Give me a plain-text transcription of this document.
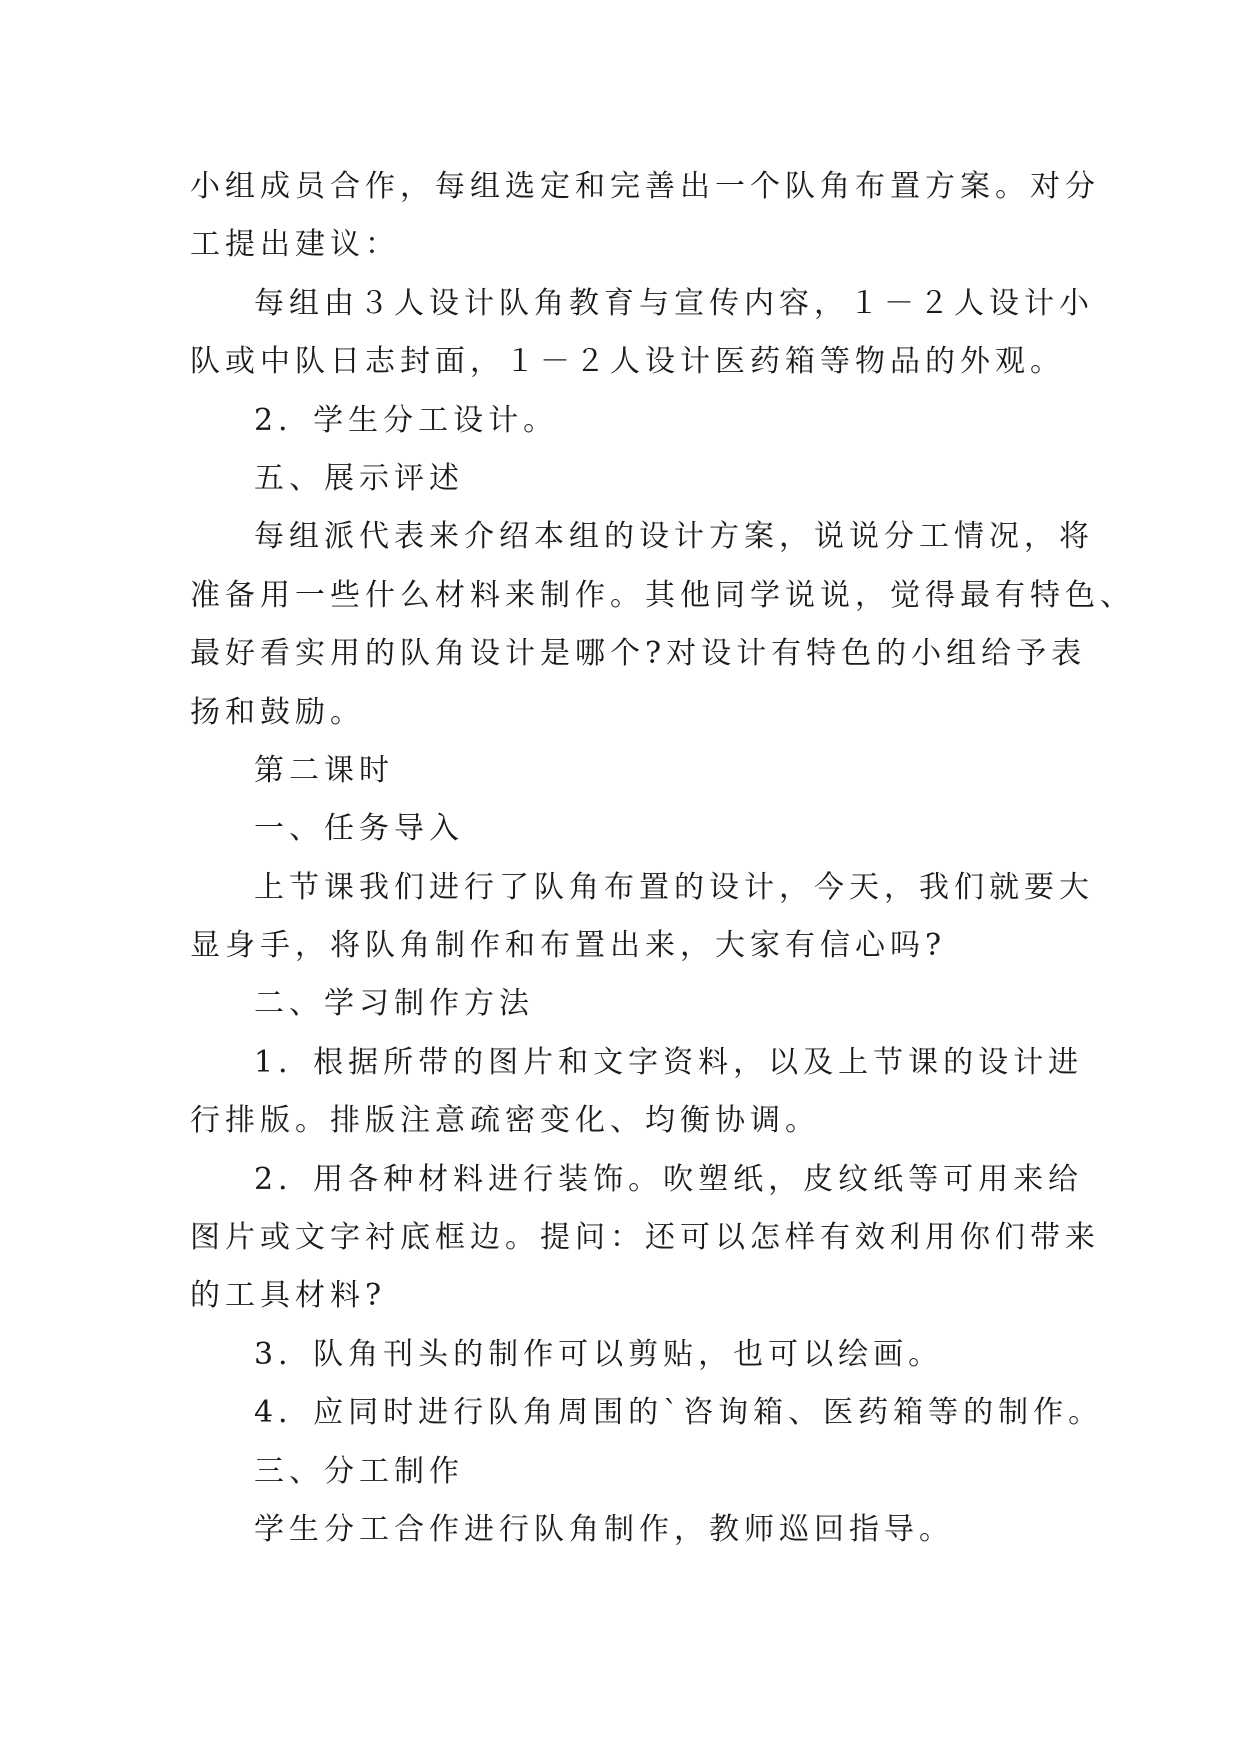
小组成员合作，每组选定和完善出一个队角布置方案。对分
工提出建议：
每组由３人设计队角教育与宣传内容，１－２人设计小
队或中队日志封面，１－２人设计医药箱等物品的外观。
2．学生分工设计。
五、展示评述
每组派代表来介绍本组的设计方案，说说分工情况，将
准备用一些什么材料来制作。其他同学说说，觉得最有特色、
最好看实用的队角设计是哪个?对设计有特色的小组给予表
扬和鼓励。
第二课时
一、任务导入
上节课我们进行了队角布置的设计，今天，我们就要大
显身手，将队角制作和布置出来，大家有信心吗?
二、学习制作方法
1．根据所带的图片和文字资料，以及上节课的设计进
行排版。排版注意疏密变化、均衡协调。
2．用各种材料进行装饰。吹塑纸，皮纹纸等可用来给
图片或文字衬底框边。提问：还可以怎样有效利用你们带来
的工具材料?
3．队角刊头的制作可以剪贴，也可以绘画。
4．应同时进行队角周围的`咨询箱、医药箱等的制作。
三、分工制作
学生分工合作进行队角制作，教师巡回指导。
